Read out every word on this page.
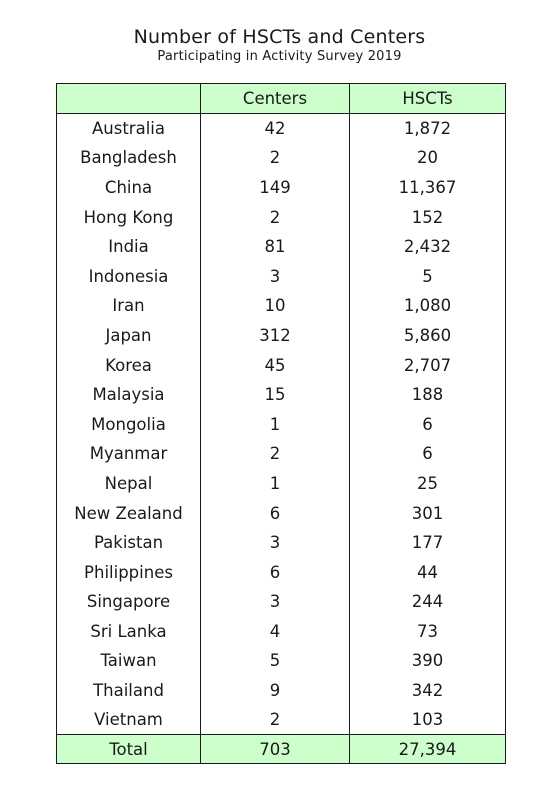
Number of HSCTs and Centers
Participating in Activity Survey 2019
	Centers	HSCTs
Australia	42	1,872
Bangladesh	2	20
China	149	11,367
Hong Kong	2	152
India	81	2,432
Indonesia	3	5
Iran	10	1,080
Japan	312	5,860
Korea	45	2,707
Malaysia	15	188
Mongolia	1	6
Myanmar	2	6
Nepal	1	25
New Zealand	6	301
Pakistan	3	177
Philippines	6	44
Singapore	3	244
Sri Lanka	4	73
Taiwan	5	390
Thailand	9	342
Vietnam	2	103
Total	703	27,394
